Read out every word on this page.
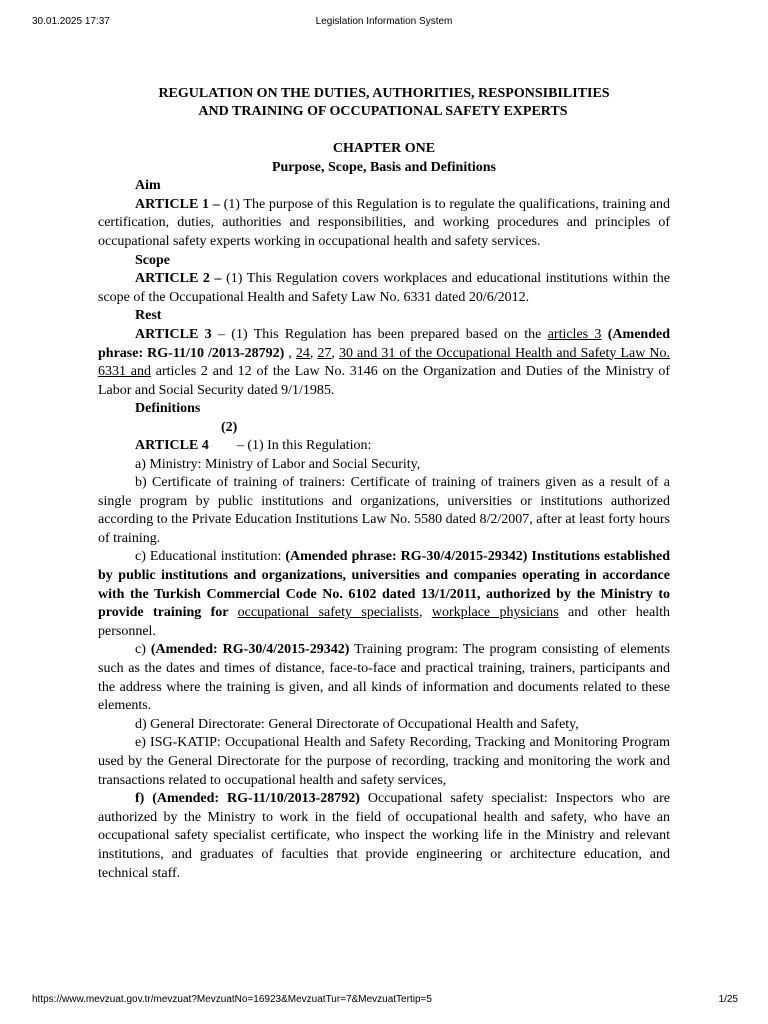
30.01.2025 17:37	Legislation Information System
REGULATION ON THE DUTIES, AUTHORITIES, RESPONSIBILITIES
AND TRAINING OF OCCUPATIONAL SAFETY EXPERTS
CHAPTER ONE
Purpose, Scope, Basis and Definitions
Aim
ARTICLE 1 – (1) The purpose of this Regulation is to regulate the qualifications, training and certification, duties, authorities and responsibilities, and working procedures and principles of occupational safety experts working in occupational health and safety services.
Scope
ARTICLE 2 – (1) This Regulation covers workplaces and educational institutions within the scope of the Occupational Health and Safety Law No. 6331 dated 20/6/2012.
Rest
ARTICLE 3 – (1) This Regulation has been prepared based on the articles 3 (Amended phrase: RG-11/10 /2013-28792) , 24, 27, 30 and 31 of the Occupational Health and Safety Law No. 6331 and articles 2 and 12 of the Law No. 3146 on the Organization and Duties of the Ministry of Labor and Social Security dated 9/1/1985.
Definitions
(2)
ARTICLE 4 – (1) In this Regulation:
a) Ministry: Ministry of Labor and Social Security,
b) Certificate of training of trainers: Certificate of training of trainers given as a result of a single program by public institutions and organizations, universities or institutions authorized according to the Private Education Institutions Law No. 5580 dated 8/2/2007, after at least forty hours of training.
c) Educational institution: (Amended phrase: RG-30/4/2015-29342) Institutions established by public institutions and organizations, universities and companies operating in accordance with the Turkish Commercial Code No. 6102 dated 13/1/2011, authorized by the Ministry to provide training for occupational safety specialists, workplace physicians and other health personnel.
c) (Amended: RG-30/4/2015-29342) Training program: The program consisting of elements such as the dates and times of distance, face-to-face and practical training, trainers, participants and the address where the training is given, and all kinds of information and documents related to these elements.
d) General Directorate: General Directorate of Occupational Health and Safety,
e) ISG-KATIP: Occupational Health and Safety Recording, Tracking and Monitoring Program used by the General Directorate for the purpose of recording, tracking and monitoring the work and transactions related to occupational health and safety services,
f) (Amended: RG-11/10/2013-28792) Occupational safety specialist: Inspectors who are authorized by the Ministry to work in the field of occupational health and safety, who have an occupational safety specialist certificate, who inspect the working life in the Ministry and relevant institutions, and graduates of faculties that provide engineering or architecture education, and technical staff.
https://www.mevzuat.gov.tr/mevzuat?MevzuatNo=16923&MevzuatTur=7&MevzuatTertip=5	1/25
